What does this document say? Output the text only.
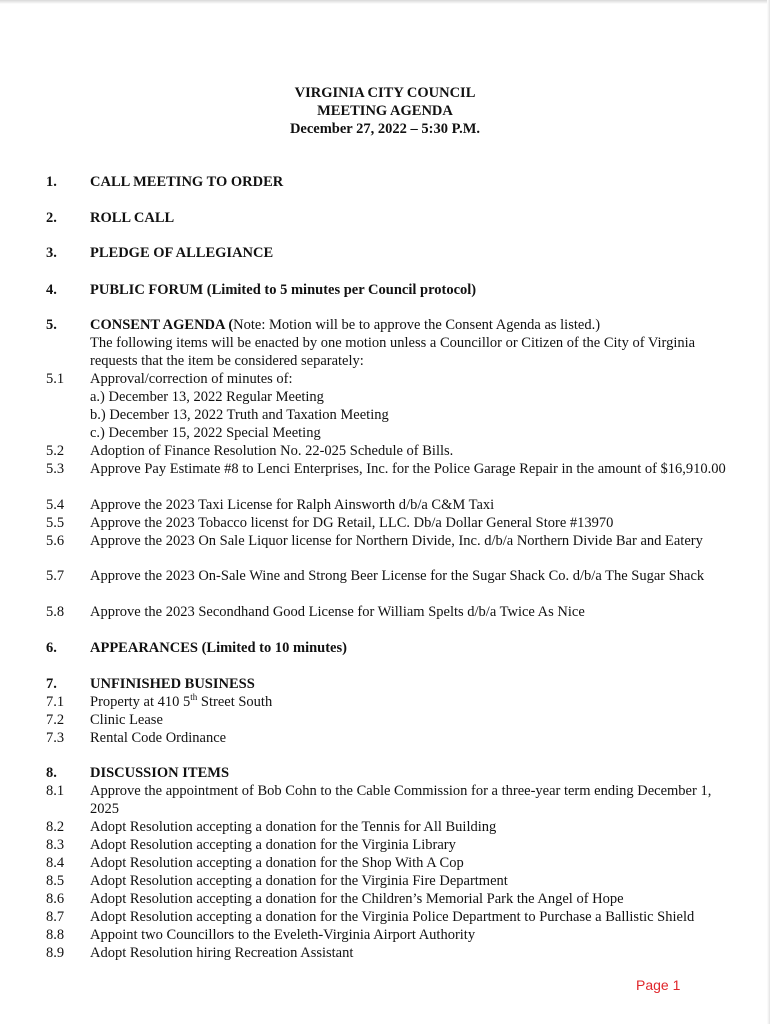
VIRGINIA CITY COUNCIL
MEETING AGENDA
December 27, 2022 – 5:30 P.M.
1.	CALL MEETING TO ORDER
2.	ROLL CALL
3.	PLEDGE OF ALLEGIANCE
4.	PUBLIC FORUM (Limited to 5 minutes per Council protocol)
5.	CONSENT AGENDA (Note: Motion will be to approve the Consent Agenda as listed.)
The following items will be enacted by one motion unless a Councillor or Citizen of the City of Virginia requests that the item be considered separately:
5.1	Approval/correction of minutes of:
a.) December 13, 2022 Regular Meeting
b.) December 13, 2022 Truth and Taxation Meeting
c.) December 15, 2022 Special Meeting
5.2	Adoption of Finance Resolution No. 22-025 Schedule of Bills.
5.3	Approve Pay Estimate #8 to Lenci Enterprises, Inc. for the Police Garage Repair in the amount of $16,910.00
5.4	Approve the 2023 Taxi License for Ralph Ainsworth d/b/a C&M Taxi
5.5	Approve the 2023 Tobacco licenst for DG Retail, LLC. Db/a Dollar General Store #13970
5.6	Approve the 2023 On Sale Liquor license for Northern Divide, Inc. d/b/a Northern Divide Bar and Eatery
5.7	Approve the 2023 On-Sale Wine and Strong Beer License for the Sugar Shack Co. d/b/a The Sugar Shack
5.8	Approve the 2023 Secondhand Good License for William Spelts d/b/a Twice As Nice
6.	APPEARANCES (Limited to 10 minutes)
7.	UNFINISHED BUSINESS
7.1	Property at 410 5th Street South
7.2	Clinic Lease
7.3	Rental Code Ordinance
8.	DISCUSSION ITEMS
8.1	Approve the appointment of Bob Cohn to the Cable Commission for a three-year term ending December 1, 2025
8.2	Adopt Resolution accepting a donation for the Tennis for All Building
8.3	Adopt Resolution accepting a donation for the Virginia Library
8.4	Adopt Resolution accepting a donation for the Shop With A Cop
8.5	Adopt Resolution accepting a donation for the Virginia Fire Department
8.6	Adopt Resolution accepting a donation for the Children’s Memorial Park the Angel of Hope
8.7	Adopt Resolution accepting a donation for the Virginia Police Department to Purchase a Ballistic Shield
8.8	Appoint two Councillors to the Eveleth-Virginia Airport Authority
8.9	Adopt Resolution hiring Recreation Assistant
Page 1
